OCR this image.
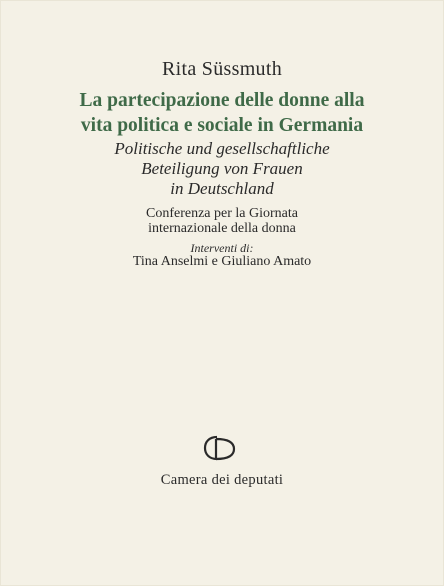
Rita Süssmuth
La partecipazione delle donne alla
vita politica e sociale in Germania
Politische und gesellschaftliche
Beteiligung von Frauen
in Deutschland
Conferenza per la Giornata
internazionale della donna
Interventi di:
Tina Anselmi e Giuliano Amato
Camera dei deputati
